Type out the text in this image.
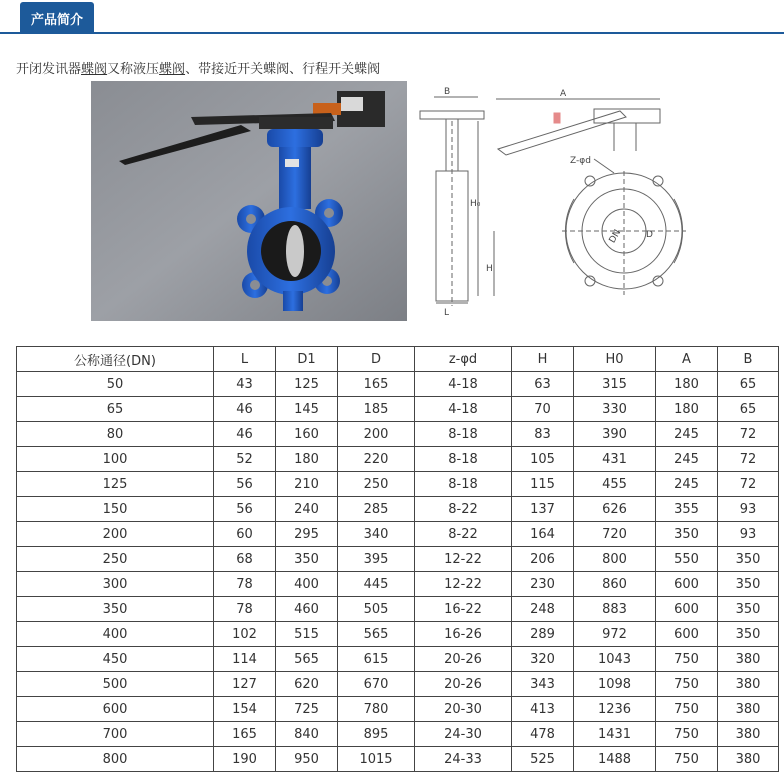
产品简介
开闭发讯器蝶阀又称液压蝶阀、带接近开关蝶阀、行程开关蝶阀
B
L
H₀
H
A
Z-φd
DN	D
公称通径(DN)	L	D1	D	z-φd	H	H0	A	B
50	43	125	165	4-18	63	315	180	65
65	46	145	185	4-18	70	330	180	65
80	46	160	200	8-18	83	390	245	72
100	52	180	220	8-18	105	431	245	72
125	56	210	250	8-18	115	455	245	72
150	56	240	285	8-22	137	626	355	93
200	60	295	340	8-22	164	720	350	93
250	68	350	395	12-22	206	800	550	350
300	78	400	445	12-22	230	860	600	350
350	78	460	505	16-22	248	883	600	350
400	102	515	565	16-26	289	972	600	350
450	114	565	615	20-26	320	1043	750	380
500	127	620	670	20-26	343	1098	750	380
600	154	725	780	20-30	413	1236	750	380
700	165	840	895	24-30	478	1431	750	380
800	190	950	1015	24-33	525	1488	750	380
